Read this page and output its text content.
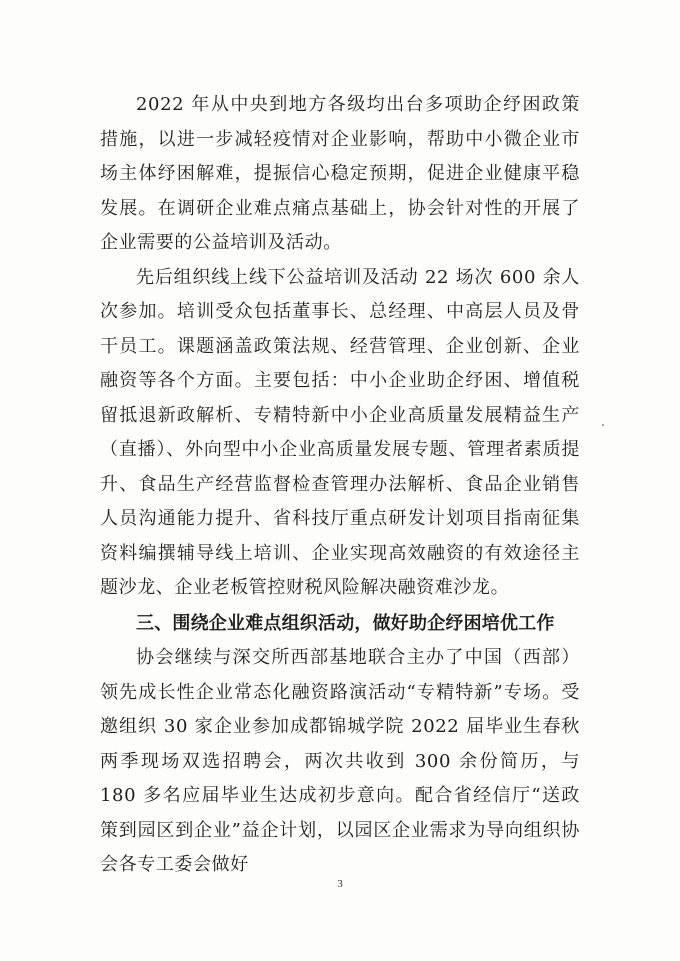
2022 年从中央到地方各级均出台多项助企纾困政策措施，以进一步减轻疫情对企业影响，帮助中小微企业市场主体纾困解难，提振信心稳定预期，促进企业健康平稳发展。在调研企业难点痛点基础上，协会针对性的开展了企业需要的公益培训及活动。

先后组织线上线下公益培训及活动 22 场次 600 余人次参加。培训受众包括董事长、总经理、中高层人员及骨干员工。课题涵盖政策法规、经营管理、企业创新、企业融资等各个方面。主要包括：中小企业助企纾困、增值税留抵退新政解析、专精特新中小企业高质量发展精益生产（直播）、外向型中小企业高质量发展专题、管理者素质提升、食品生产经营监督检查管理办法解析、食品企业销售人员沟通能力提升、省科技厅重点研发计划项目指南征集资料编撰辅导线上培训、企业实现高效融资的有效途径主题沙龙、企业老板管控财税风险解决融资难沙龙。

三、围绕企业难点组织活动，做好助企纾困培优工作

协会继续与深交所西部基地联合主办了中国（西部）领先成长性企业常态化融资路演活动“专精特新”专场。受邀组织 30 家企业参加成都锦城学院 2022 届毕业生春秋两季现场双选招聘会，两次共收到 300 余份简历，与 180 多名应届毕业生达成初步意向。配合省经信厅“送政策到园区到企业”益企计划，以园区企业需求为导向组织协会各专工委会做好

3
